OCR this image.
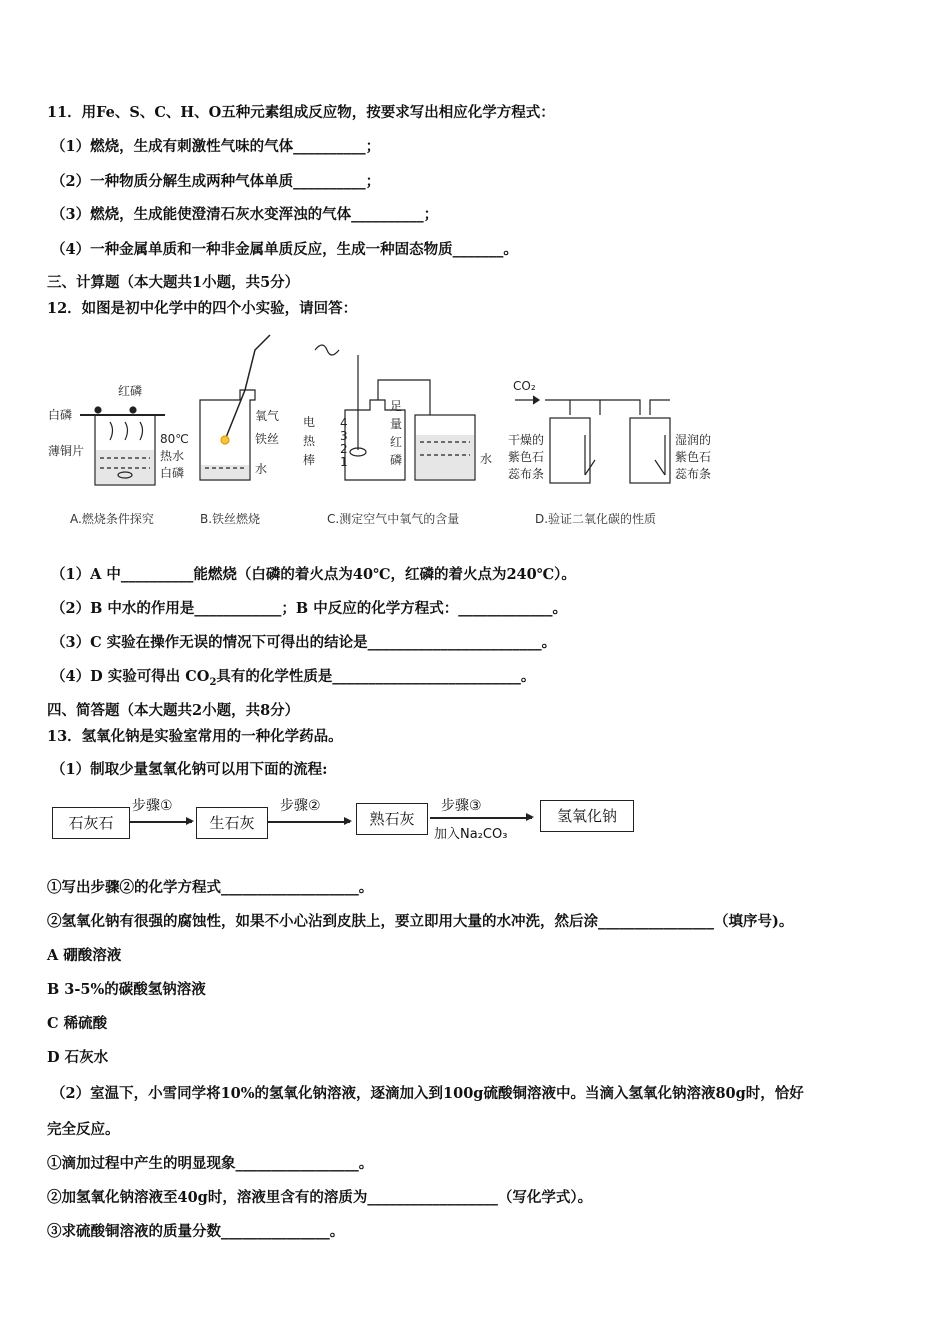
11．用Fe、S、C、H、O五种元素组成反应物，按要求写出相应化学方程式：
（1）燃烧，生成有刺激性气味的气体__________；
（2）一种物质分解生成两种气体单质__________；
（3）燃烧，生成能使澄清石灰水变浑浊的气体__________；
（4）一种金属单质和一种非金属单质反应，生成一种固态物质_______。
三、计算题（本大题共1小题，共5分）
12．如图是初中化学中的四个小实验，请回答：
红磷
白磷
薄铜片
80℃
热水
白磷
A.燃烧条件探究
氧气
铁丝
水
B.铁丝燃烧
电
热
棒
足
量
红
磷	水
4
3
2
1
C.测定空气中氧气的含量
CO₂
干燥的
紫色石
蕊布条
湿润的
紫色石
蕊布条
D.验证二氧化碳的性质
（1）A 中__________能燃烧（白磷的着火点为40℃，红磷的着火点为240℃）。
（2）B 中水的作用是____________；B 中反应的化学方程式：_____________。
（3）C 实验在操作无误的情况下可得出的结论是________________________。
（4）D 实验可得出 $CO_2$具有的化学性质是__________________________。
四、简答题（本大题共2小题，共8分）
13．氢氧化钠是实验室常用的一种化学药品。
（1）制取少量氢氧化钠可以用下面的流程:
石灰石
步骤①
生石灰
步骤②
熟石灰
步骤③
加入Na₂CO₃
氢氧化钠
①写出步骤②的化学方程式___________________。
②氢氧化钠有很强的腐蚀性，如果不小心沾到皮肤上，要立即用大量的水冲洗，然后涂________________（填序号)。
A 硼酸溶液
B 3-5%的碳酸氢钠溶液
C 稀硫酸
D 石灰水
（2）室温下，小雪同学将10%的氢氧化钠溶液，逐滴加入到100g硫酸铜溶液中。当滴入氢氧化钠溶液80g时，恰好
完全反应。
①滴加过程中产生的明显现象_________________。
②加氢氧化钠溶液至40g时，溶液里含有的溶质为__________________（写化学式）。
③求硫酸铜溶液的质量分数_______________。
